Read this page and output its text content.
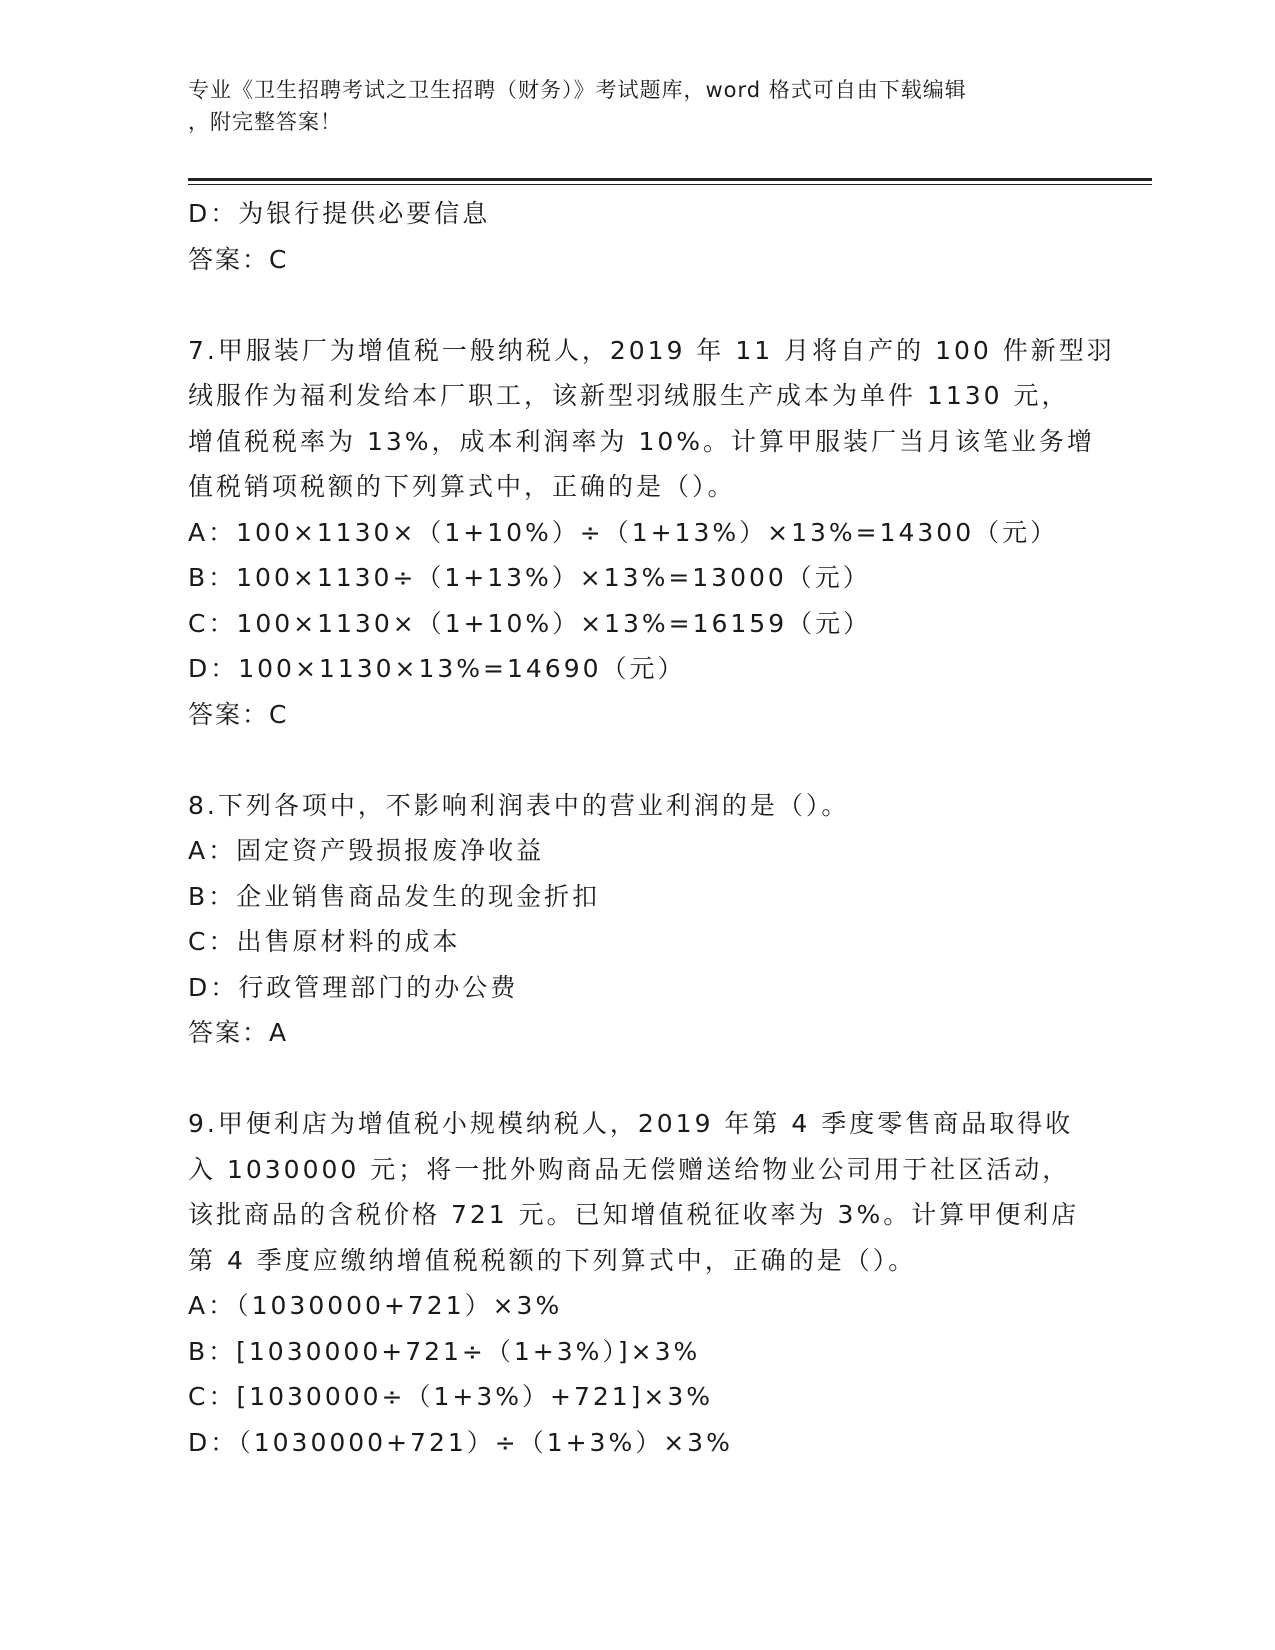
专业《卫生招聘考试之卫生招聘（财务）》考试题库，word 格式可自由下载编辑
，附完整答案！
D：为银行提供必要信息
答案：C
7.甲服装厂为增值税一般纳税人，2019 年 11 月将自产的 100 件新型羽
绒服作为福利发给本厂职工，该新型羽绒服生产成本为单件 1130 元，
增值税税率为 13%，成本利润率为 10%。计算甲服装厂当月该笔业务增
值税销项税额的下列算式中，正确的是（）。
A：100×1130×（1+10%）÷（1+13%）×13%=14300（元）
B：100×1130÷（1+13%）×13%=13000（元）
C：100×1130×（1+10%）×13%=16159（元）
D：100×1130×13%=14690（元）
答案：C
8.下列各项中，不影响利润表中的营业利润的是（）。
A：固定资产毁损报废净收益
B：企业销售商品发生的现金折扣
C：出售原材料的成本
D：行政管理部门的办公费
答案：A
9.甲便利店为增值税小规模纳税人，2019 年第 4 季度零售商品取得收
入 1030000 元；将一批外购商品无偿赠送给物业公司用于社区活动，
该批商品的含税价格 721 元。已知增值税征收率为 3%。计算甲便利店
第 4 季度应缴纳增值税税额的下列算式中，正确的是（）。
A：（1030000+721）×3%
B：[1030000+721÷（1+3%）]×3%
C：[1030000÷（1+3%）+721]×3%
D：（1030000+721）÷（1+3%）×3%
